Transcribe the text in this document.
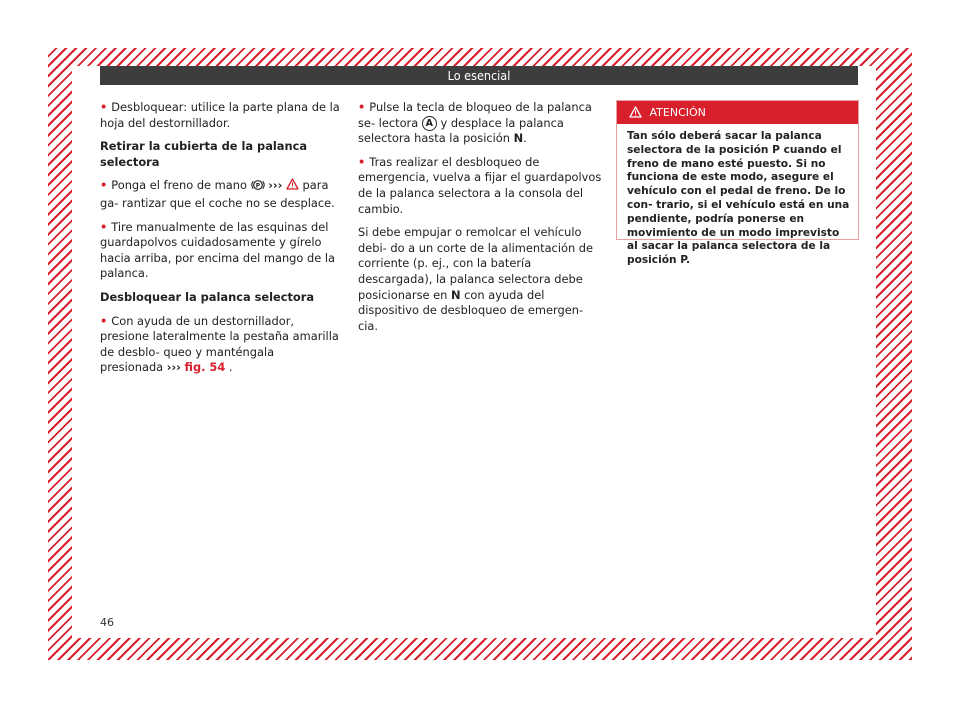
Lo esencial

• Desbloquear: utilice la parte plana de la hoja del destornillador.

Retirar la cubierta de la palanca selectora

• Ponga el freno de mano P ››› para ga- rantizar que el coche no se desplace.

• Tire manualmente de las esquinas del guardapolvos cuidadosamente y gírelo hacia arriba, por encima del mango de la palanca.

Desbloquear la palanca selectora

• Con ayuda de un destornillador, presione lateralmente la pestaña amarilla de desblo- queo y manténgala presionada ››› fig. 54 .

• Pulse la tecla de bloqueo de la palanca se- lectora A y desplace la palanca selectora hasta la posición N.

• Tras realizar el desbloqueo de emergencia, vuelva a fijar el guardapolvos de la palanca selectora a la consola del cambio.

Si debe empujar o remolcar el vehículo debi- do a un corte de la alimentación de corriente (p. ej., con la batería descargada), la palanca selectora debe posicionarse en N con ayuda del dispositivo de desbloqueo de emergen- cia.

ATENCIÓN
Tan sólo deberá sacar la palanca selectora de la posición P cuando el freno de mano esté puesto. Si no funciona de este modo, asegure el vehículo con el pedal de freno. De lo con- trario, si el vehículo está en una pendiente, podría ponerse en movimiento de un modo imprevisto al sacar la palanca selectora de la posición P.
46
